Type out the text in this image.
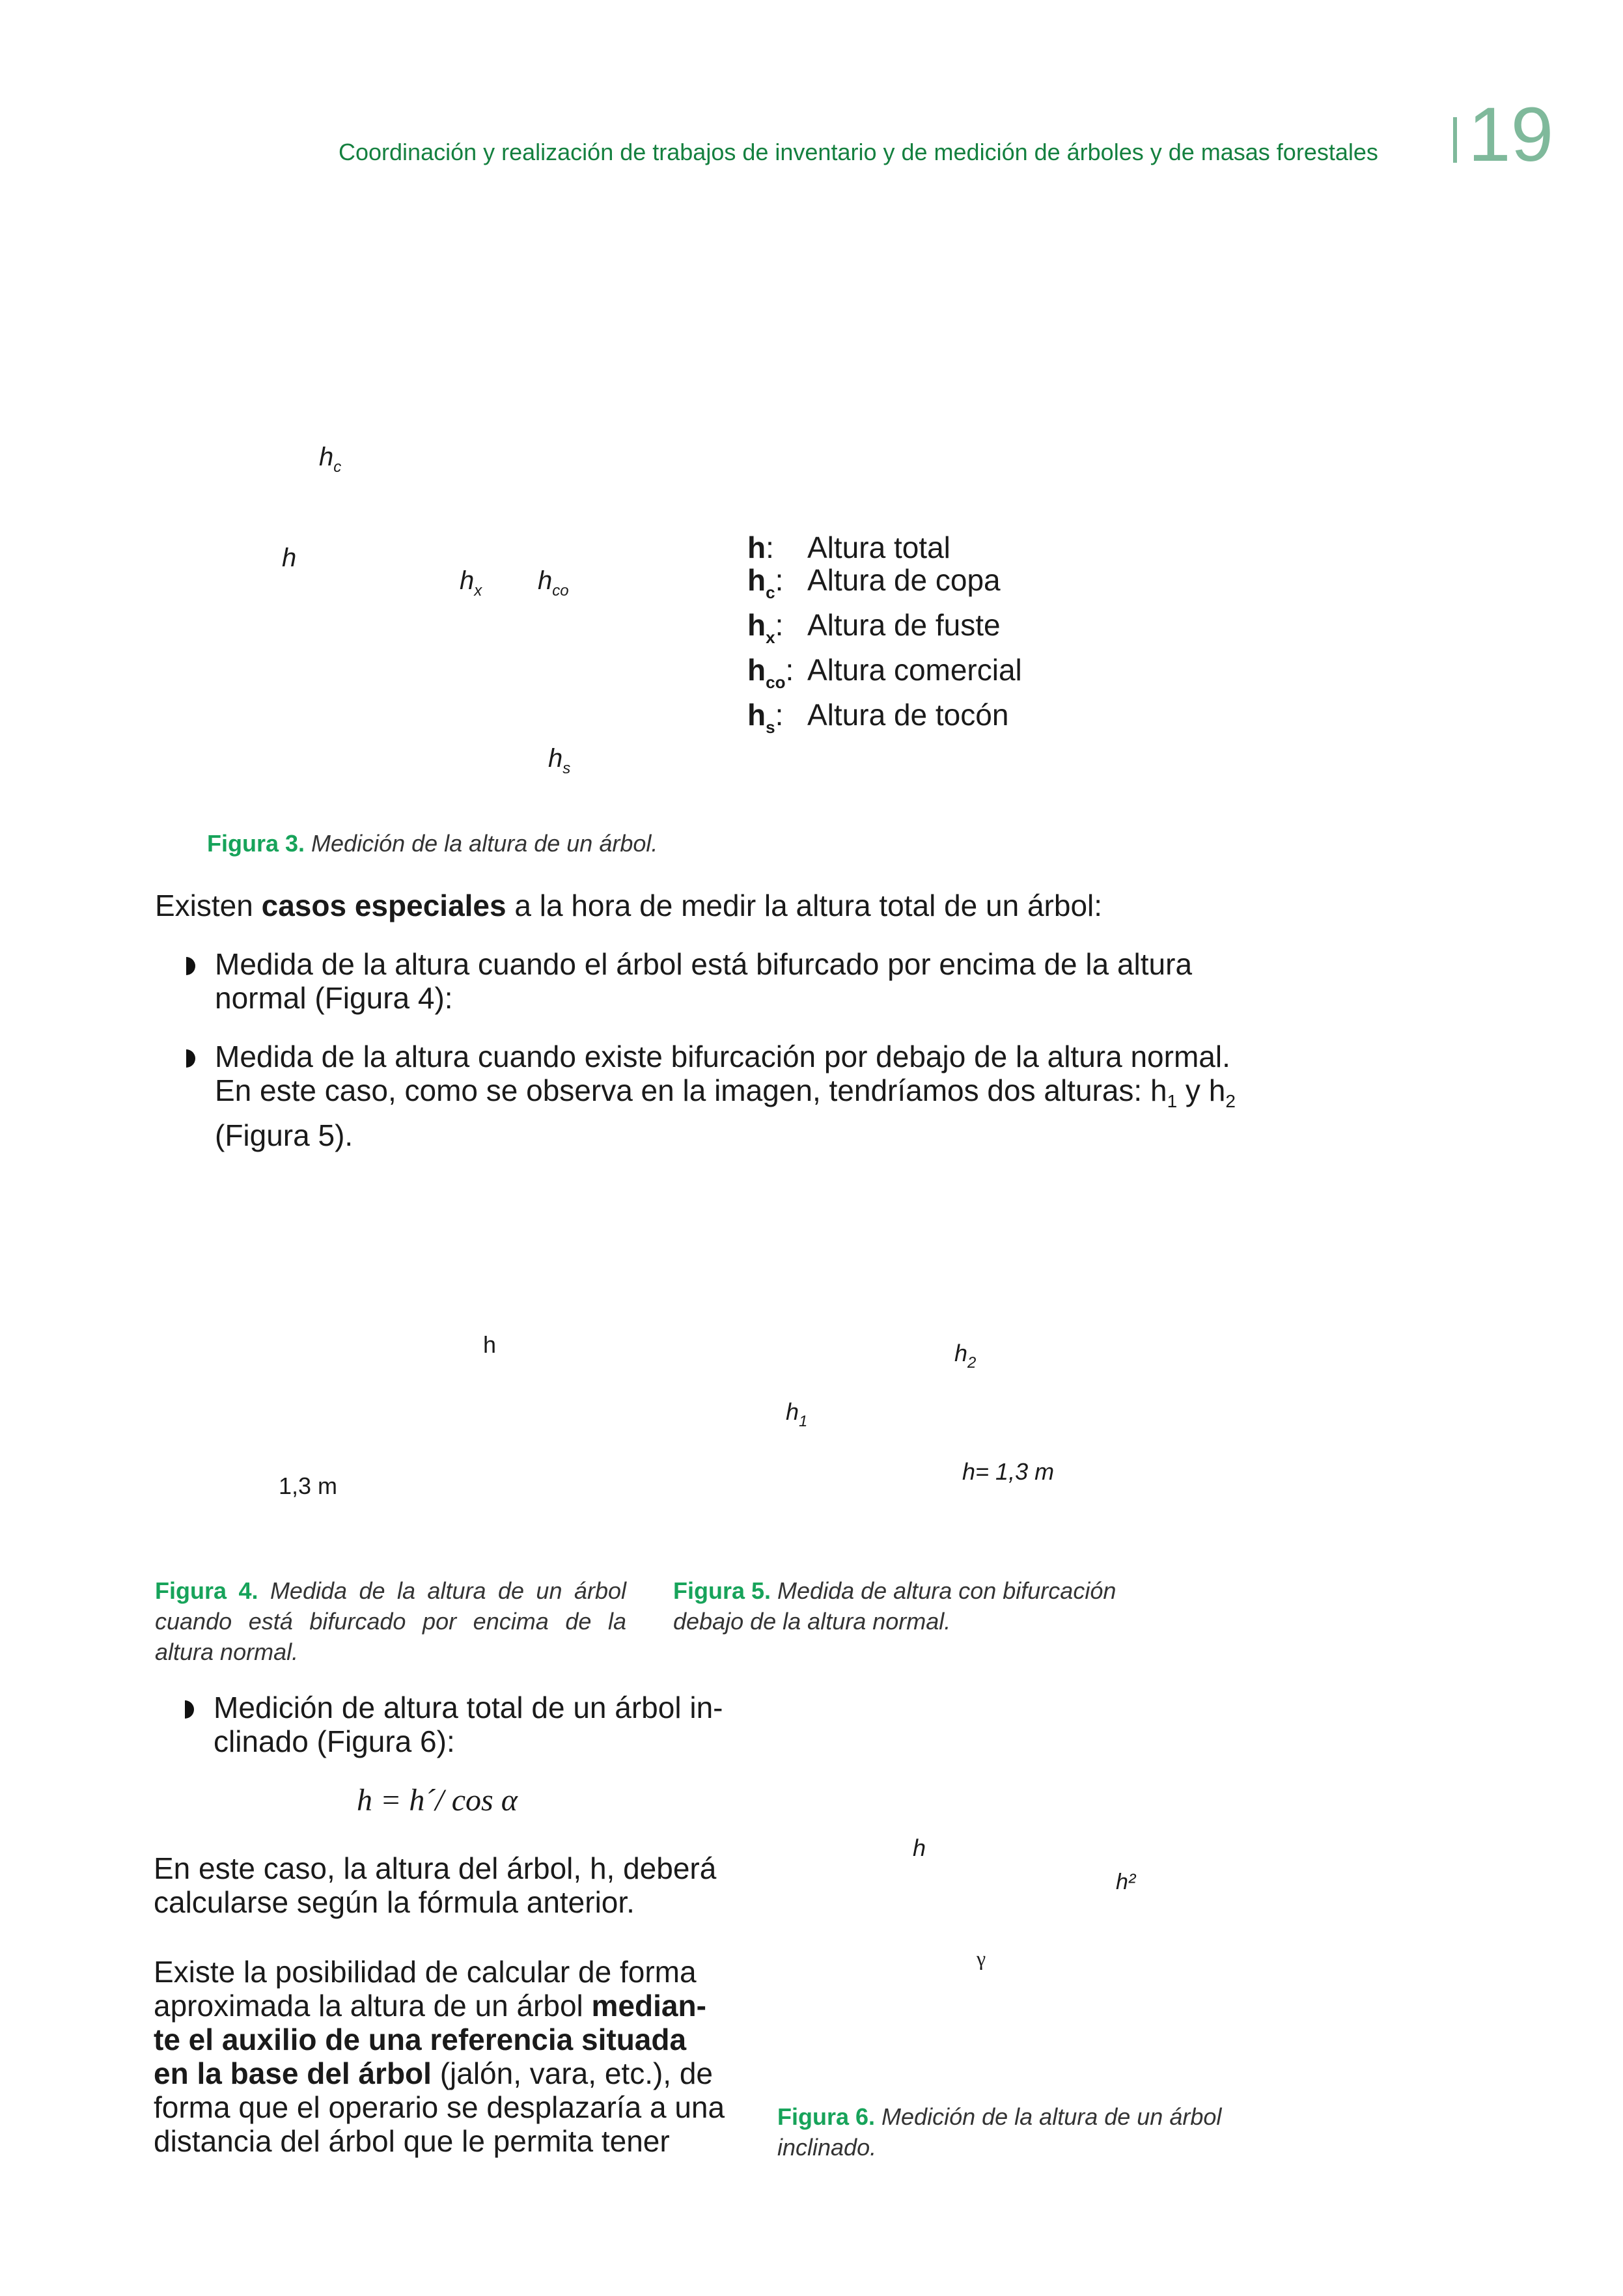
Coordinación y realización de trabajos de inventario y de medición de árboles y de masas forestales 19
$h_c$
h
$h_x$ $h_{co}$
$h_s$
h:	Altura total
$h_c$: Altura de copa
$h_x$: Altura de fuste
$h_{co}$: Altura comercial
$h_s$: Altura de tocón
Figura 3. Medición de la altura de un árbol.
Existen casos especiales a la hora de medir la altura total de un árbol:
Medida de la altura cuando el árbol está bifurcado por encima de la altura
normal (Figura 4):
Medida de la altura cuando existe bifurcación por debajo de la altura normal.
En este caso, como se observa en la imagen, tendríamos dos alturas: $h_1$ y $h_2$
(Figura 5).
h
1,3 m
$h_2$
$h_1$
h= 1,3 m
Figura 4. Medida de la altura de un árbol cuando está bifurcado por encima de la altura normal.
Figura 5. Medida de altura con bifurcación debajo de la altura normal.
Medición de altura total de un árbol in-
clinado (Figura 6):
h = h´/ cos α
En este caso, la altura del árbol, h, deberá
calcularse según la fórmula anterior.
Existe la posibilidad de calcular de forma
aproximada la altura de un árbol median-
te el auxilio de una referencia situada
en la base del árbol (jalón, vara, etc.), de
forma que el operario se desplazaría a una
distancia del árbol que le permita tener
h
h²
γ
Figura 6. Medición de la altura de un árbol inclinado.
